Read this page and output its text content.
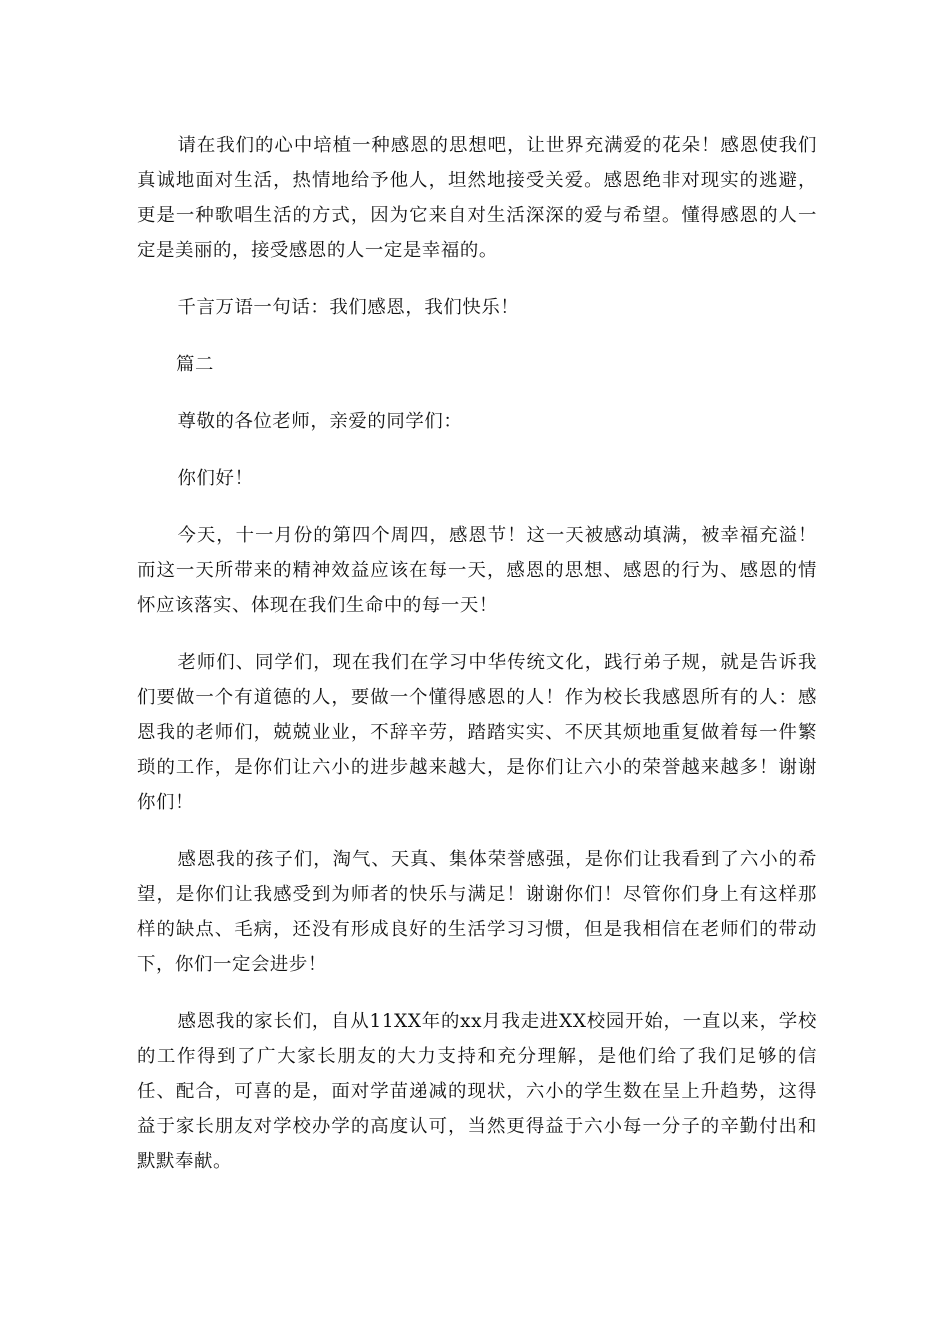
请在我们的心中培植一种感恩的思想吧，让世界充满爱的花朵！感恩使我们真诚地面对生活，热情地给予他人，坦然地接受关爱。感恩绝非对现实的逃避，更是一种歌唱生活的方式，因为它来自对生活深深的爱与希望。懂得感恩的人一定是美丽的，接受感恩的人一定是幸福的。

千言万语一句话：我们感恩，我们快乐！

篇二

尊敬的各位老师，亲爱的同学们：

你们好！

今天，十一月份的第四个周四，感恩节！这一天被感动填满，被幸福充溢！而这一天所带来的精神效益应该在每一天，感恩的思想、感恩的行为、感恩的情怀应该落实、体现在我们生命中的每一天！

老师们、同学们，现在我们在学习中华传统文化，践行弟子规，就是告诉我们要做一个有道德的人，要做一个懂得感恩的人！作为校长我感恩所有的人：感恩我的老师们，兢兢业业，不辞辛劳，踏踏实实、不厌其烦地重复做着每一件繁琐的工作，是你们让六小的进步越来越大，是你们让六小的荣誉越来越多！谢谢你们！

感恩我的孩子们，淘气、天真、集体荣誉感强，是你们让我看到了六小的希望，是你们让我感受到为师者的快乐与满足！谢谢你们！尽管你们身上有这样那样的缺点、毛病，还没有形成良好的生活学习习惯，但是我相信在老师们的带动下，你们一定会进步！

感恩我的家长们，自从11XX年的xx月我走进XX校园开始，一直以来，学校的工作得到了广大家长朋友的大力支持和充分理解，是他们给了我们足够的信任、配合，可喜的是，面对学苗递减的现状，六小的学生数在呈上升趋势，这得益于家长朋友对学校办学的高度认可，当然更得益于六小每一分子的辛勤付出和默默奉献。
